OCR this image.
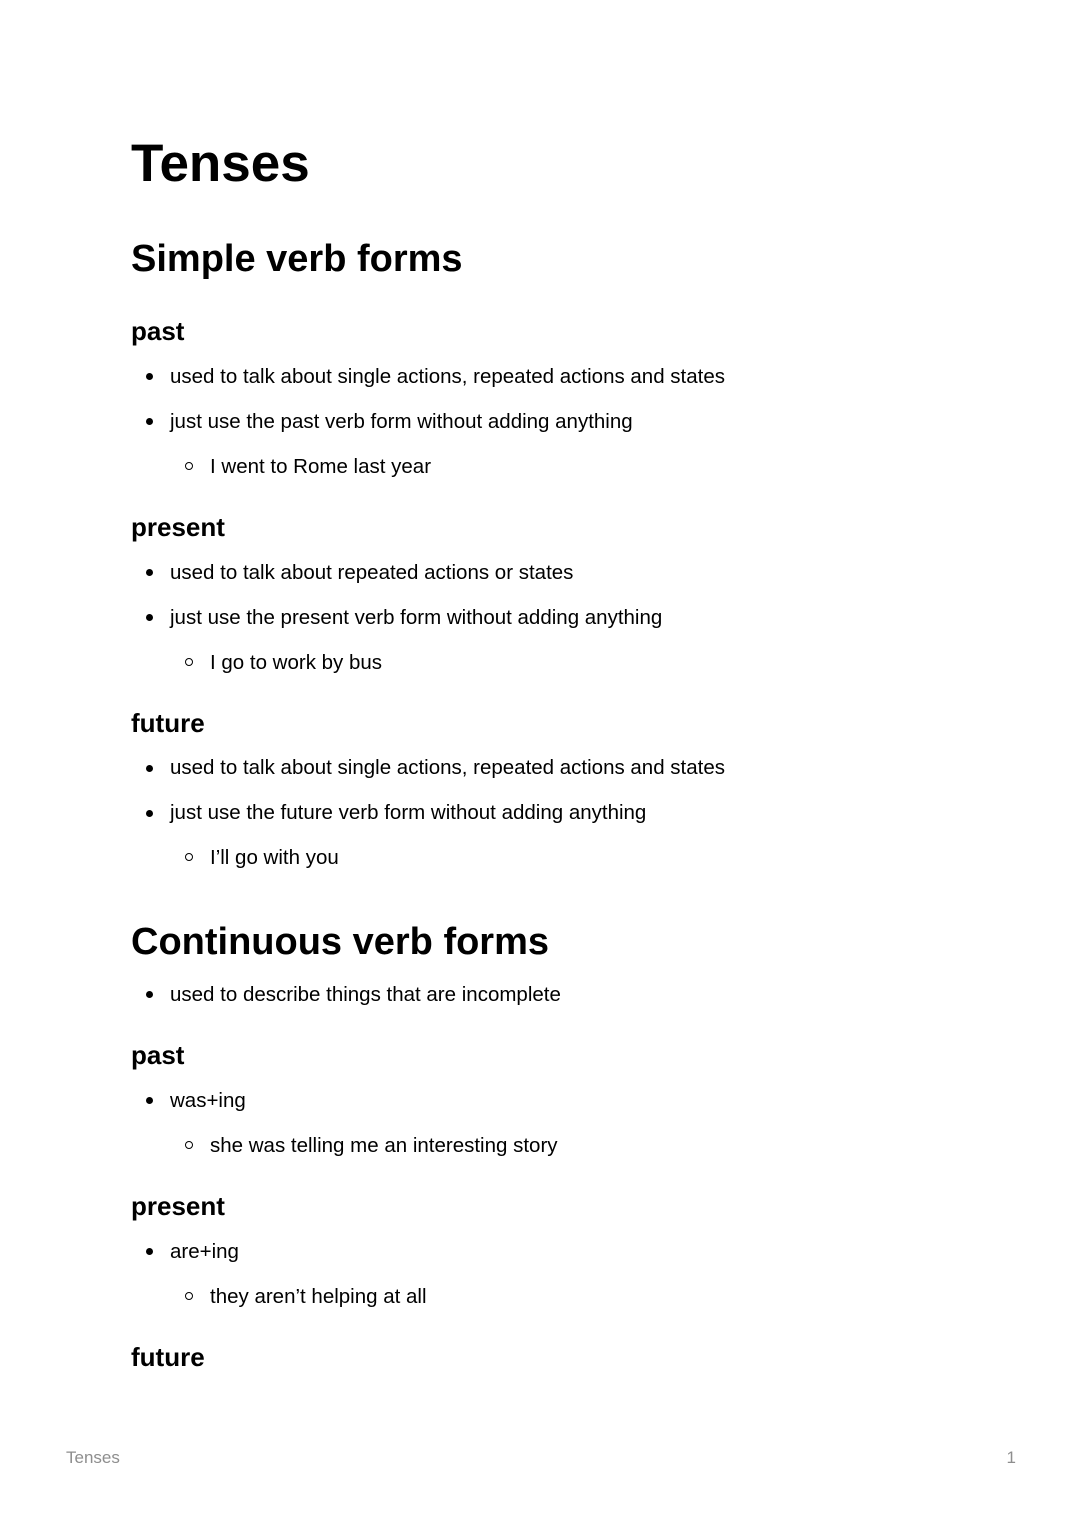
Tenses
Simple verb forms
past
used to talk about single actions, repeated actions and states
just use the past verb form without adding anything
I went to Rome last year
present
used to talk about repeated actions or states
just use the present verb form without adding anything
I go to work by bus
future
used to talk about single actions, repeated actions and states
just use the future verb form without adding anything
I’ll go with you
Continuous verb forms
used to describe things that are incomplete
past
was+ing
she was telling me an interesting story
present
are+ing
they aren’t helping at all
future
Tenses	1
